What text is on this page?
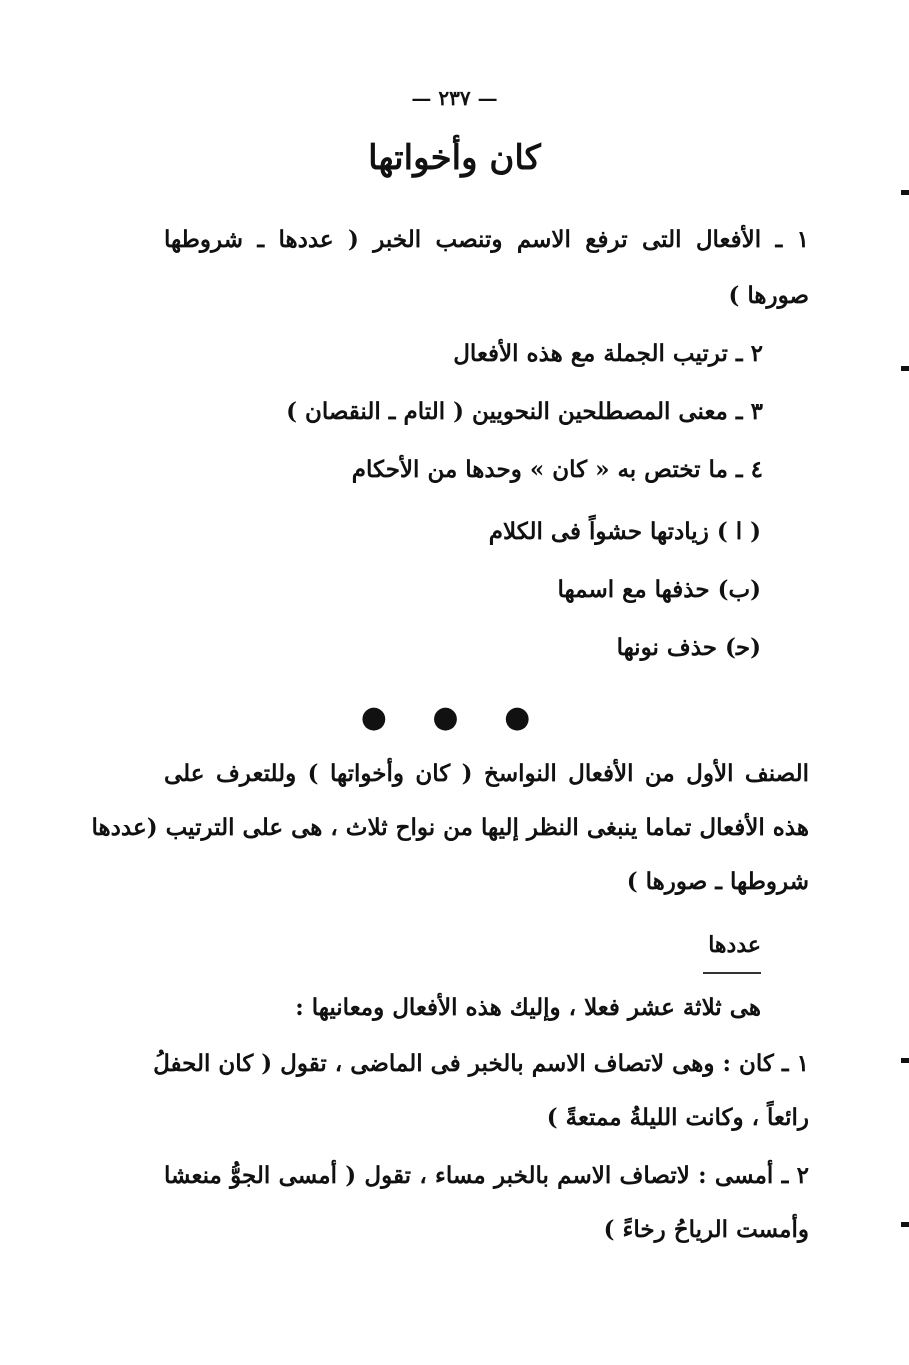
— ٢٣٧ —
كان وأخواتها
١ ـ الأفعال التى ترفع الاسم وتنصب الخبر ( عددها ـ شروطها
صورها )
٢ ـ ترتيب الجملة مع هذه الأفعال
٣ ـ معنى المصطلحين النحويين ( التام ـ النقصان )
٤ ـ ما تختص به « كان » وحدها من الأحكام
( ا ) زيادتها حشواً فى الكلام
(ب) حذفها مع اسمها
(ﺣ) حذف نونها
● ● ●
الصنف الأول من الأفعال النواسخ ( كان وأخواتها ) وللتعرف على
هذه الأفعال تماما ينبغى النظر إليها من نواح ثلاث ، هى على الترتيب (عددها
شروطها ـ صورها )
عددها
هى ثلاثة عشر فعلا ، وإليك هذه الأفعال ومعانيها :
١ ـ كان : وهى لاتصاف الاسم بالخبر فى الماضى ، تقول ( كان الحفلُ
رائعاً ، وكانت الليلةُ ممتعةً )
٢ ـ أمسى : لاتصاف الاسم بالخبر مساء ، تقول ( أمسى الجوُّ منعشا
وأمست الرياحُ رخاءً )
